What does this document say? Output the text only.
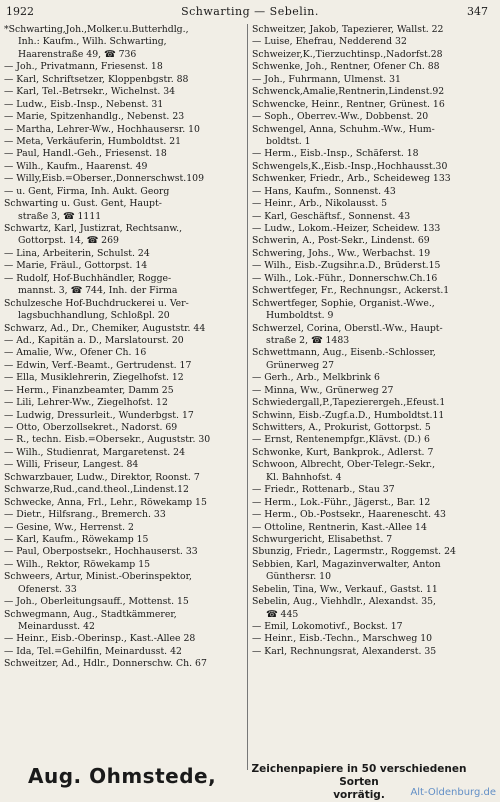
1922	Schwarting — Sebelin.	347
*Schwarting,Joh.,Molker.u.Butterhdlg.,
Inh.: Kaufm., Wilh. Schwarting,
Haarenstraße 49, ☎ 736
— Joh., Privatmann, Friesenst. 18
— Karl, Schriftsetzer, Kloppenbgstr. 88
— Karl, Tel.-Betrsekr., Wichelnst. 34
— Ludw., Eisb.-Insp., Nebenst. 31
— Marie, Spitzenhandlg., Nebenst. 23
— Martha, Lehrer-Ww., Hochhausersr. 10
— Meta, Verkäuferin, Humboldtst. 21
— Paul, Handl.-Geh., Friesenst. 18
— Wilh., Kaufm., Haarenst. 49
— Willy,Eisb.=Oberser.,Donnerschwst.109
— u. Gent, Firma, Inh. Aukt. Georg
Schwarting u. Gust. Gent, Haupt-
straße 3, ☎ 1111
Schwartz, Karl, Justizrat, Rechtsanw.,
Gottorpst. 14, ☎ 269
— Lina, Arbeiterin, Schulst. 24
— Marie, Fräul., Gottorpst. 14
— Rudolf, Hof-Buchhändler, Rogge-
mannst. 3, ☎ 744, Inh. der Firma
Schulzesche Hof-Buchdruckerei u. Ver-
lagsbuchhandlung, Schloßpl. 20
Schwarz, Ad., Dr., Chemiker, Auguststr. 44
— Ad., Kapitän a. D., Marslatourst. 20
— Amalie, Ww., Ofener Ch. 16
— Edwin, Verf.-Beamt., Gertrudenst. 17
— Ella, Musiklehrerin, Ziegelhofst. 12
— Herm., Finanzbeamter, Damm 25
— Lili, Lehrer-Ww., Ziegelhofst. 12
— Ludwig, Dressurleit., Wunderbgst. 17
— Otto, Oberzollsekret., Nadorst. 69
— R., techn. Eisb.=Obersekr., Auguststr. 30
— Wilh., Studienrat, Margaretenst. 24
— Willi, Friseur, Langest. 84
Schwarzbauer, Ludw., Direktor, Roonst. 7
Schwarze,Rud.,cand.theol.,Lindenst.12
Schwecke, Anna, Frl., Lehr., Röwekamp 15
— Dietr., Hilfsrang., Bremerch. 33
— Gesine, Ww., Herrenst. 2
— Karl, Kaufm., Röwekamp 15
— Paul, Oberpostsekr., Hochhauserst. 33
— Wilh., Rektor, Röwekamp 15
Schweers, Artur, Minist.-Oberinspektor,
Ofenerst. 33
— Joh., Oberleitungsauff., Mottenst. 15
Schwegmann, Aug., Stadtkämmerer,
Meinardusst. 42
— Heinr., Eisb.-Oberinsp., Kast.-Allee 28
— Ida, Tel.=Gehilfin, Meinardusst. 42
Schweitzer, Ad., Hdlr., Donnerschw. Ch. 67
Schweitzer, Jakob, Tapezierer, Wallst. 22
— Luise, Ehefrau, Nedderend 32
Schweizer,K.,Tierzuchtinsp.,Nadorfst.28
Schwenke, Joh., Rentner, Ofener Ch. 88
— Joh., Fuhrmann, Ulmenst. 31
Schwenck,Amalie,Rentnerin,Lindenst.92
Schwencke, Heinr., Rentner, Grünest. 16
— Soph., Oberrev.-Ww., Dobbenst. 20
Schwengel, Anna, Schuhm.-Ww., Hum-
boldtst. 1
— Herm., Eisb.-Insp., Schäferst. 18
Schwengels,K.,Eisb.-Insp.,Hochhausst.30
Schwenker, Friedr., Arb., Scheideweg 133
— Hans, Kaufm., Sonnenst. 43
— Heinr., Arb., Nikolausst. 5
— Karl, Geschäftsf., Sonnenst. 43
— Ludw., Lokom.-Heizer, Scheidew. 133
Schwerin, A., Post-Sekr., Lindenst. 69
Schwering, Johs., Ww., Werbachst. 19
— Wilh., Eisb.-Zugsihr.a.D., Brüderst.15
— Wilh., Lok.-Führ., Donnerschw.Ch.16
Schwertfeger, Fr., Rechnungsr., Ackerst.1
Schwertfeger, Sophie, Organist.-Wwe.,
Humboldtst. 9
Schwerzel, Corina, Oberstl.-Ww., Haupt-
straße 2, ☎ 1483
Schwettmann, Aug., Eisenb.-Schlosser,
Grünerweg 27
— Gerh., Arb., Melkbrink 6
— Minna, Ww., Grünerweg 27
Schwiedergall,P.,Tapezierergeh.,Efeust.1
Schwinn, Eisb.-Zugf.a.D., Humboldtst.11
Schwitters, A., Prokurist, Gottorpst. 5
— Ernst, Rentenempfgr.,Klävst. (D.) 6
Schwonke, Kurt, Bankprok., Adlerst. 7
Schwoon, Albrecht, Ober-Telegr.-Sekr.,
Kl. Bahnhofst. 4
— Friedr., Rottenarb., Stau 37
— Herm., Lok.-Führ., Jägerst., Bar. 12
— Herm., Ob.-Postsekr., Haarenescht. 43
— Ottoline, Rentnerin, Kast.-Allee 14
Schwurgericht, Elisabethst. 7
Sbunzig, Friedr., Lagermstr., Roggemst. 24
Sebbien, Karl, Magazinverwalter, Anton
Günthersr. 10
Sebelin, Tina, Ww., Verkauf., Gastst. 11
Sebelin, Aug., Viehhdlr., Alexandst. 35,
☎ 445
— Emil, Lokomotivf., Bockst. 17
— Heinr., Eisb.-Techn., Marschweg 10
— Karl, Rechnungsrat, Alexanderst. 35
Aug. Ohmstede,	Zeichenpapiere in 50 verschiedenen Sorten
vorrätig.	Alt-Oldenburg.de
